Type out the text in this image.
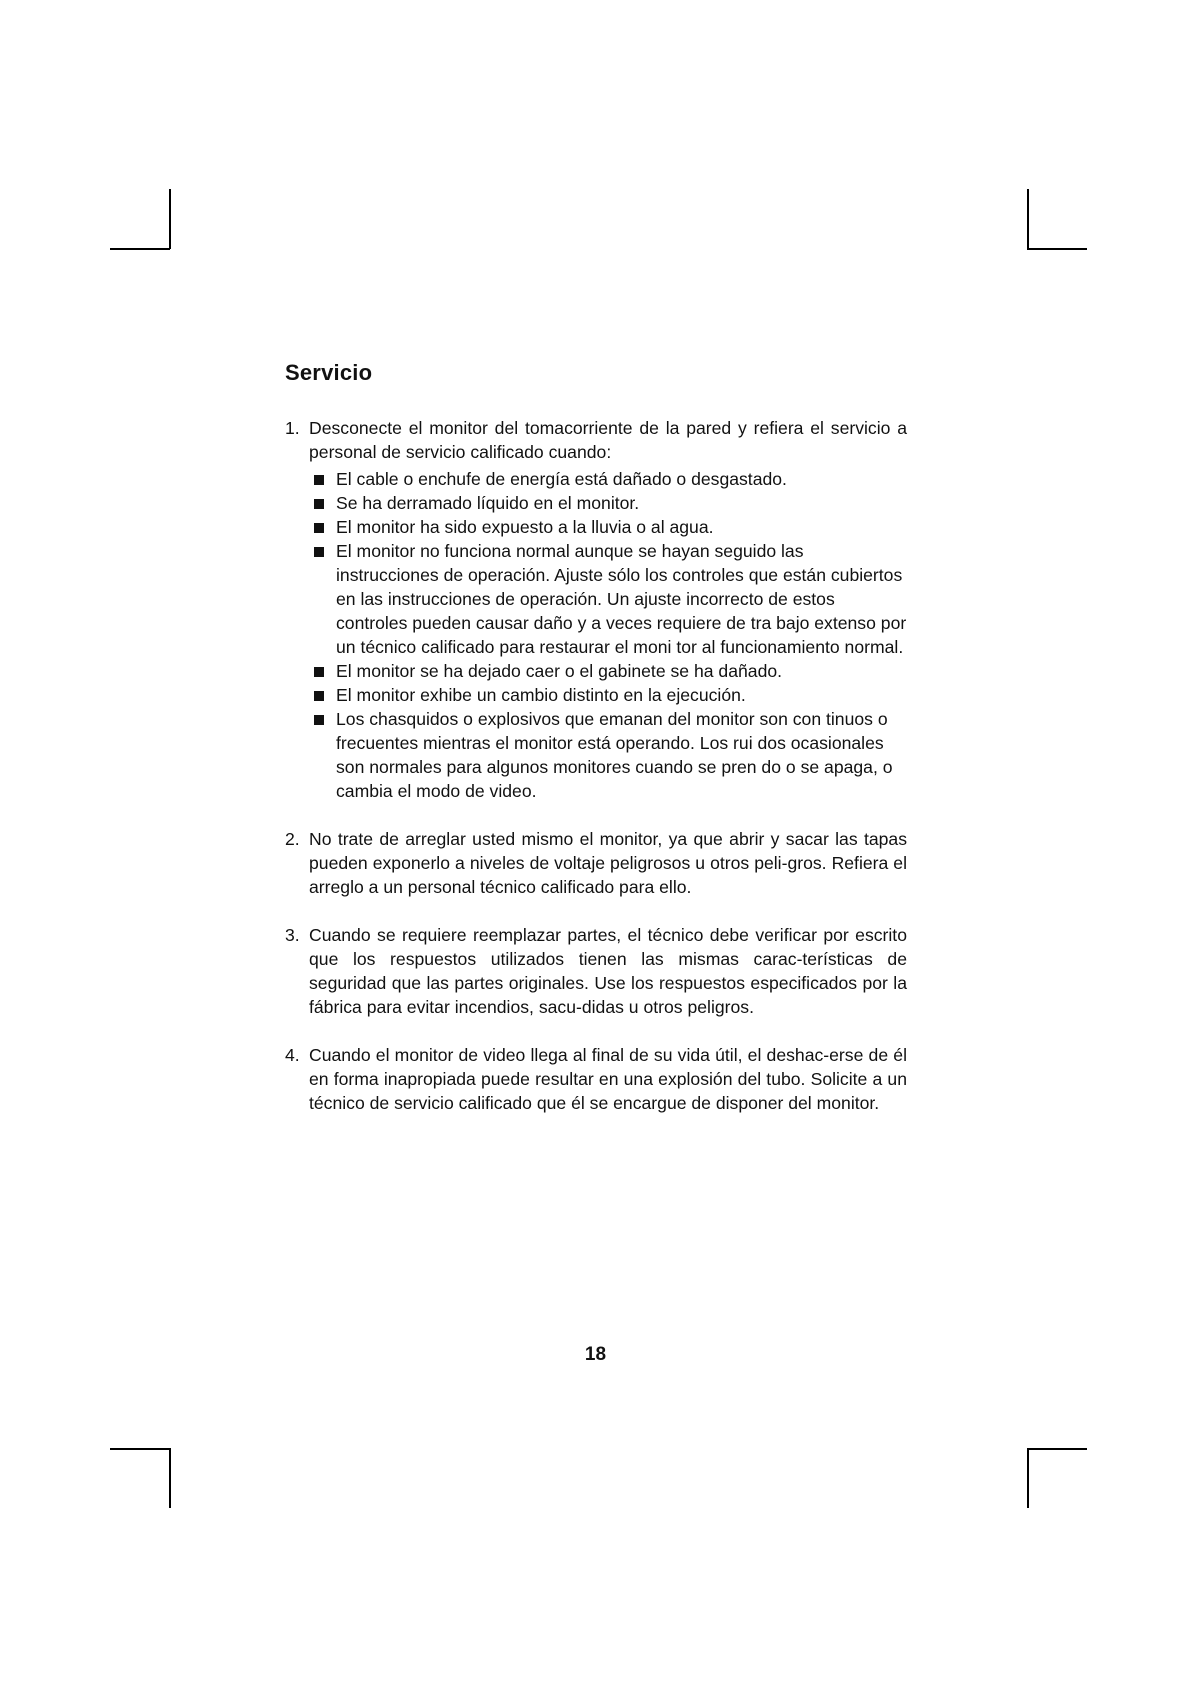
Servicio
1. Desconecte el monitor del tomacorriente de la pared y refiera el servicio a personal de servicio calificado cuando:
El cable o enchufe de energía está dañado o desgastado.
Se ha derramado líquido en el monitor.
El monitor ha sido expuesto a la lluvia o al agua.
El monitor no funciona normal aunque se hayan seguido las instrucciones de operación. Ajuste sólo los controles que están cubiertos en las instrucciones de operación. Un ajuste incorrecto de estos controles pueden causar daño y a veces requiere de tra bajo extenso por un técnico calificado para restaurar el moni tor al funcionamiento normal.
El monitor se ha dejado caer o el gabinete se ha dañado.
El monitor exhibe un cambio distinto en la ejecución.
Los chasquidos o explosivos que emanan del monitor son con tinuos o frecuentes mientras el monitor está operando. Los rui dos ocasionales son normales para algunos monitores cuando se pren do o se apaga, o cambia el modo de video.
2. No trate de arreglar usted mismo el monitor, ya que abrir y sacar las tapas pueden exponerlo a niveles de voltaje peligrosos u otros peli-gros. Refiera el arreglo a un personal técnico calificado para ello.
3. Cuando se requiere reemplazar partes, el técnico debe verificar por escrito que los respuestos utilizados tienen las mismas carac-terísticas de seguridad que las partes originales. Use los respuestos especificados por la fábrica para evitar incendios, sacu-didas u otros peligros.
4. Cuando el monitor de video llega al final de su vida útil, el deshac-erse de él en forma inapropiada puede resultar en una explosión del tubo. Solicite a un técnico de servicio calificado que él se encargue de disponer del monitor.
18
